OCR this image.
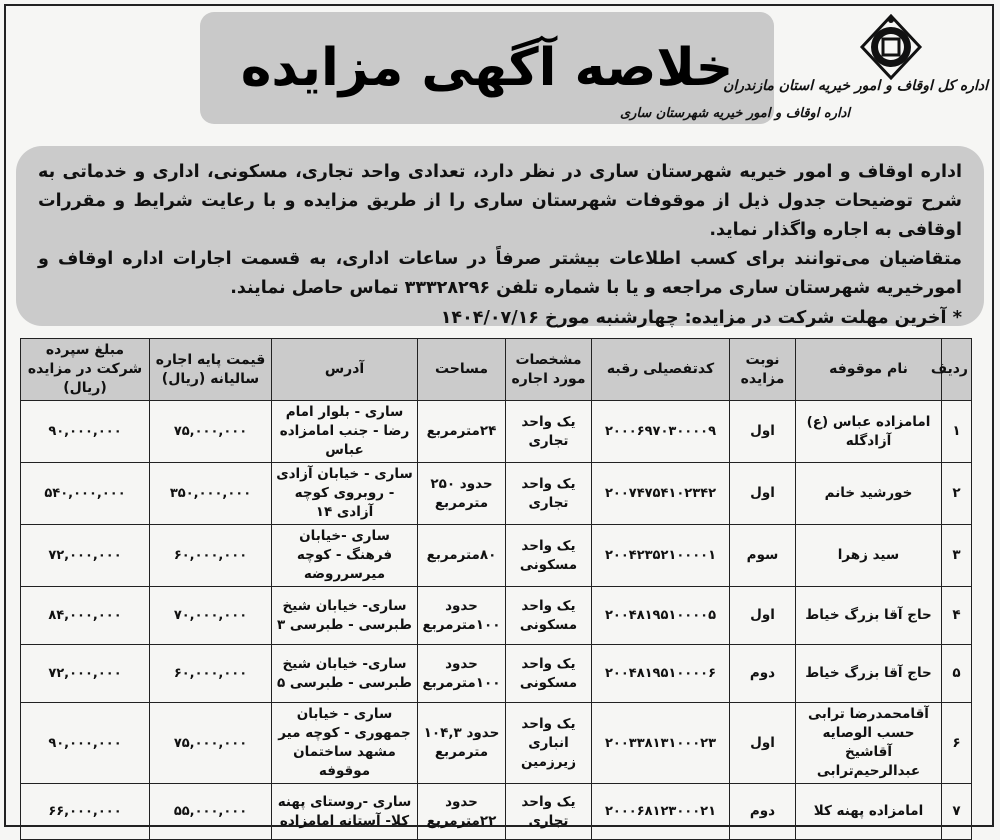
خلاصه آگهی مزایده
اداره کل اوقاف و امور خیریه استان مازندران
اداره اوقاف و امور خیریه شهرستان ساری

اداره اوقاف و امور خیریه شهرستان ساری در نظر دارد، تعدادی واحد تجاری، مسکونی، اداری و خدماتی به شرح توضیحات جدول ذیل از موقوفات شهرستان ساری را از طریق مزایده و با رعایت شرایط و مقررات اوقافی به اجاره واگذار نماید.

متقاضیان می‌توانند برای کسب اطلاعات بیشتر صرفاً در ساعات اداری، به قسمت اجارات اداره اوقاف و امورخیریه شهرستان ساری مراجعه و یا با شماره تلفن ۳۳۳۲۸۲۹۶ تماس حاصل نمایند.

* آخرین مهلت شرکت در مزایده: چهارشنبه مورخ ۱۴۰۴/۰۷/۱۶

ردیف	نام موقوفه	نوبت مزایده	کدتفصیلی رقبه	مشخصات مورد اجاره	مساحت	آدرس	قیمت پایه اجاره سالیانه (ریال)	مبلغ سپرده شرکت در مزایده (ریال)
۱	امامزاده عباس (ع) آزادگله	اول	۲۰۰۰۶۹۷۰۳۰۰۰۰۹	یک واحد تجاری	۲۴مترمربع	ساری - بلوار امام رضا - جنب امامزاده عباس	۷۵,۰۰۰,۰۰۰	۹۰,۰۰۰,۰۰۰
۲	خورشید خانم	اول	۲۰۰۷۴۷۵۴۱۰۲۳۴۲	یک واحد تجاری	حدود ۲۵۰ مترمربع	ساری - خیابان آزادی - روبروی کوچه آزادی ۱۴	۳۵۰,۰۰۰,۰۰۰	۵۴۰,۰۰۰,۰۰۰
۳	سید زهرا	سوم	۲۰۰۴۲۳۵۲۱۰۰۰۰۱	یک واحد مسکونی	۸۰مترمربع	ساری -خیابان فرهنگ - کوچه میرسرروضه	۶۰,۰۰۰,۰۰۰	۷۲,۰۰۰,۰۰۰
۴	حاج آقا بزرگ خیاط	اول	۲۰۰۴۸۱۹۵۱۰۰۰۰۵	یک واحد مسکونی	حدود ۱۰۰مترمربع	ساری- خیابان شیخ طبرسی - طبرسی ۳	۷۰,۰۰۰,۰۰۰	۸۴,۰۰۰,۰۰۰
۵	حاج آقا بزرگ خیاط	دوم	۲۰۰۴۸۱۹۵۱۰۰۰۰۶	یک واحد مسکونی	حدود ۱۰۰مترمربع	ساری- خیابان شیخ طبرسی - طبرسی ۵	۶۰,۰۰۰,۰۰۰	۷۲,۰۰۰,۰۰۰
۶	آقامحمدرضا ترابی حسب الوصایه آقاشیخ عبدالرحیم‌ترابی	اول	۲۰۰۳۳۸۱۳۱۰۰۰۲۳	یک واحد انباری زیرزمین	حدود ۱۰۴,۳ مترمربع	ساری - خیابان جمهوری - کوچه میر مشهد ساختمان موقوفه	۷۵,۰۰۰,۰۰۰	۹۰,۰۰۰,۰۰۰
۷	امامزاده پهنه کلا	دوم	۲۰۰۰۶۸۱۲۳۰۰۰۲۱	یک واحد تجاری	حدود ۲۲مترمربع	ساری -روستای پهنه کلا- آستانه امامزاده	۵۵,۰۰۰,۰۰۰	۶۶,۰۰۰,۰۰۰
